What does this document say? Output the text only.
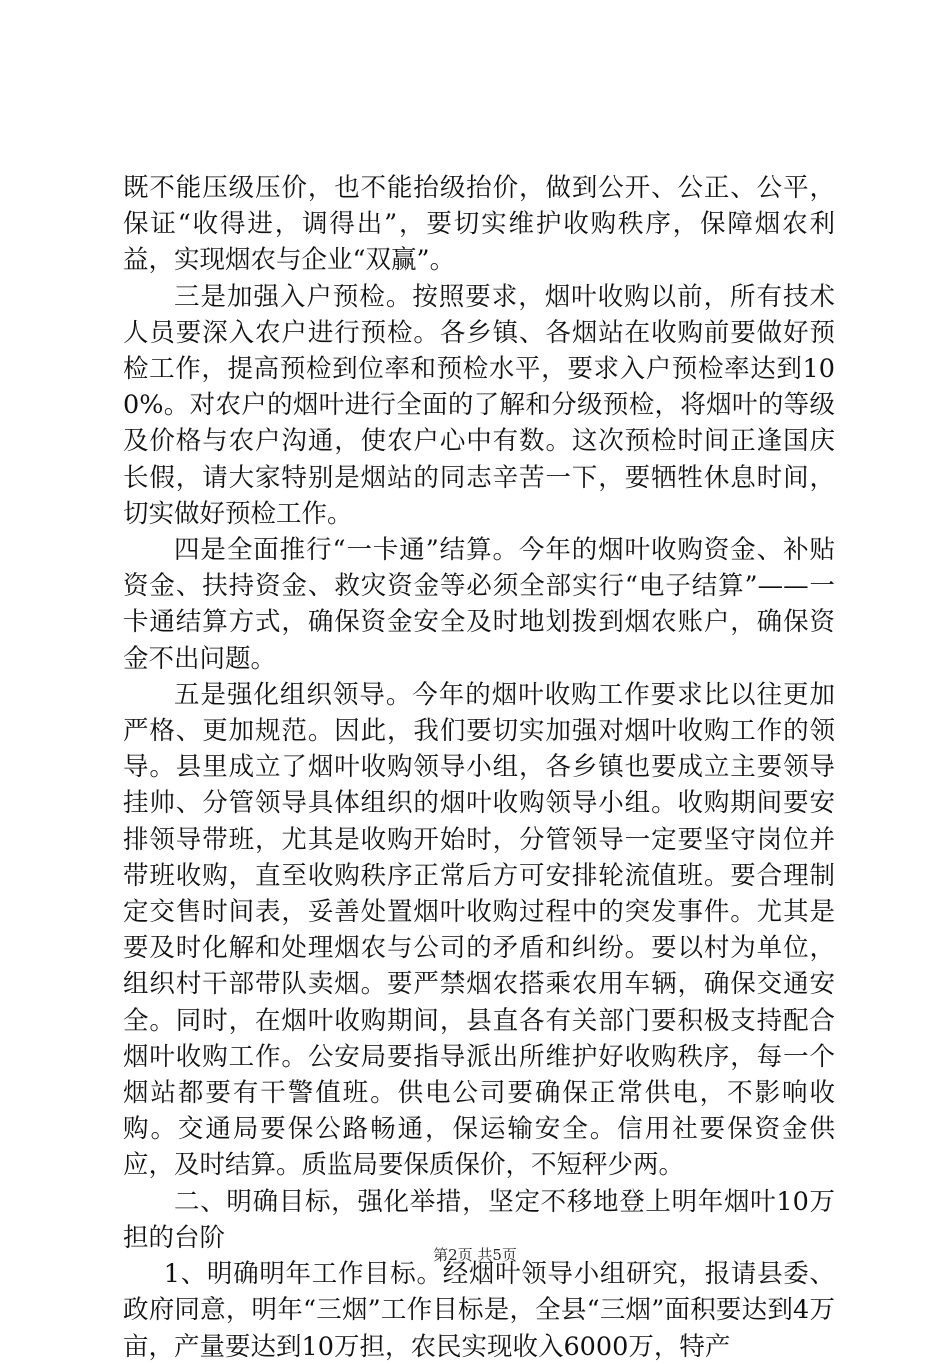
既不能压级压价，也不能抬级抬价，做到公开、公正、公平，保证“收得进，调得出”，要切实维护收购秩序，保障烟农利益，实现烟农与企业“双赢”。

三是加强入户预检。按照要求，烟叶收购以前，所有技术人员要深入农户进行预检。各乡镇、各烟站在收购前要做好预检工作，提高预检到位率和预检水平，要求入户预检率达到100%。对农户的烟叶进行全面的了解和分级预检，将烟叶的等级及价格与农户沟通，使农户心中有数。这次预检时间正逢国庆长假，请大家特别是烟站的同志辛苦一下，要牺牲休息时间，切实做好预检工作。

四是全面推行“一卡通”结算。今年的烟叶收购资金、补贴资金、扶持资金、救灾资金等必须全部实行“电子结算”——一卡通结算方式，确保资金安全及时地划拨到烟农账户，确保资金不出问题。

五是强化组织领导。今年的烟叶收购工作要求比以往更加严格、更加规范。因此，我们要切实加强对烟叶收购工作的领导。县里成立了烟叶收购领导小组，各乡镇也要成立主要领导挂帅、分管领导具体组织的烟叶收购领导小组。收购期间要安排领导带班，尤其是收购开始时，分管领导一定要坚守岗位并带班收购，直至收购秩序正常后方可安排轮流值班。要合理制定交售时间表，妥善处置烟叶收购过程中的突发事件。尤其是要及时化解和处理烟农与公司的矛盾和纠纷。要以村为单位，组织村干部带队卖烟。要严禁烟农搭乘农用车辆，确保交通安全。同时，在烟叶收购期间，县直各有关部门要积极支持配合烟叶收购工作。公安局要指导派出所维护好收购秩序，每一个烟站都要有干警值班。供电公司要确保正常供电，不影响收购。交通局要保公路畅通，保运输安全。信用社要保资金供应，及时结算。质监局要保质保价，不短秤少两。

二、明确目标，强化举措，坚定不移地登上明年烟叶10万担的台阶

1、明确明年工作目标。经烟叶领导小组研究，报请县委、政府同意，明年“三烟”工作目标是，全县“三烟”面积要达到4万亩，产量要达到10万担，农民实现收入6000万，特产

第2页 共5页
